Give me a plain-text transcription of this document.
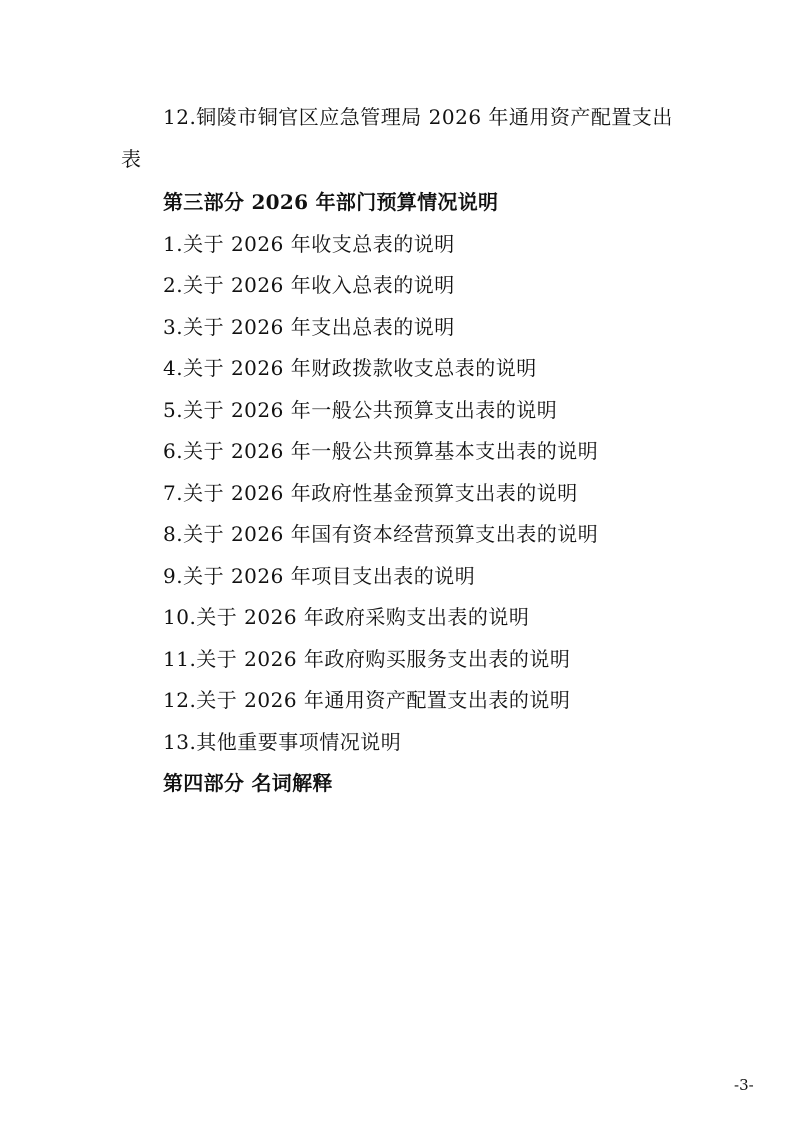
12.铜陵市铜官区应急管理局 2026 年通用资产配置支出
表
第三部分 2026 年部门预算情况说明
1.关于 2026 年收支总表的说明
2.关于 2026 年收入总表的说明
3.关于 2026 年支出总表的说明
4.关于 2026 年财政拨款收支总表的说明
5.关于 2026 年一般公共预算支出表的说明
6.关于 2026 年一般公共预算基本支出表的说明
7.关于 2026 年政府性基金预算支出表的说明
8.关于 2026 年国有资本经营预算支出表的说明
9.关于 2026 年项目支出表的说明
10.关于 2026 年政府采购支出表的说明
11.关于 2026 年政府购买服务支出表的说明
12.关于 2026 年通用资产配置支出表的说明
13.其他重要事项情况说明
第四部分 名词解释
-3-
